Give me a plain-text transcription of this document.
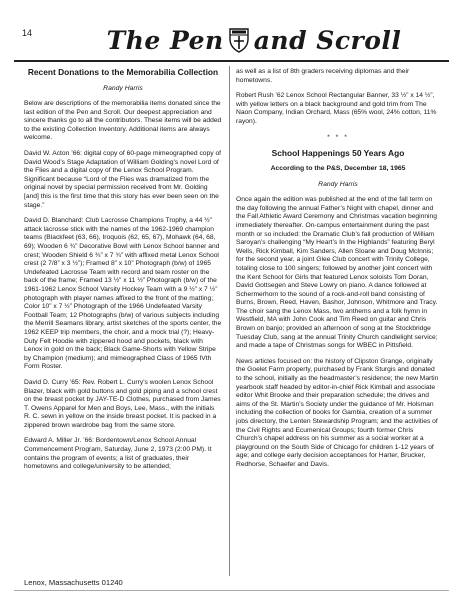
14	The Pen and Scroll

Recent Donations to the Memorabilia Collection

Randy Harris

Below are descriptions of the memorabilia items donated since the last edition of the Pen and Scroll. Our deepest appreciation and sincere thanks go to all the contributors. These items will be added to the existing Collection Inventory. Additional items are always welcome.

David W. Acton ’66: digital copy of 60-page mimeographed copy of David Wood’s Stage Adaptation of William Golding’s novel Lord of the Flies and a digital copy of the Lenox School Program. Significant because “Lord of the Flies was dramatized from the original novel by special permission received from Mr. Golding [and] this is the first time that this story has ever been seen on the stage.”

David D. Blanchard: Club Lacrosse Champions Trophy, a 44 ½” attack lacrosse stick with the names of the 1962-1969 champion teams (Blackfeet (63, 66), Iroquois (62, 65, 67), Mohawk (64, 68, 69); Wooden 6 ¾” Decorative Bowl with Lenox School banner and crest; Wooden Shield 6 ¾” x 7 ¾” with affixed metal Lenox School crest (2 7/8” x 3 ½”); Framed 8” x 10” Photograph (b/w) of 1965 Undefeated Lacrosse Team with record and team roster on the back of the frame; Framed 13 ½” x 11 ½” Photograph (b/w) of the 1961-1962 Lenox School Varsity Hockey Team with a 9 ½” x 7 ½” photograph with player names affixed to the front of the matting; Color 10” x 7 ½” Photograph of the 1966 Undefeated Varsity Football Team; 12 Photographs (b/w) of various subjects including the Merrill Seamans library, artist sketches of the sports center, the 1962 KEEP trip members, the choir, and a mock trial (?); Heavy-Duty Felt Hoodie with zippered hood and pockets, black with Lenox in gold on the back; Black Game-Shorts with Yellow Stripe by Champion (medium); and mimeographed Class of 1965 IVth Form Roster.

David D. Curry ’65: Rev. Robert L. Curry’s woolen Lenox School Blazer, black with gold buttons and gold piping and a school crest on the breast pocket by JAY-TE-D Clothes, purchased from James T. Owens Apparel for Men and Boys, Lee, Mass., with the initials R. C. sewn in yellow on the inside breast pocket. It is packed in a zippered brown wardrobe bag from the same store.

Edward A. Miller Jr. ’66: Bordentown/Lenox School Annual Commencement Program, Saturday, June 2, 1973 (2:00 PM). It contains the program of events; a list of graduates, their hometowns and college/university to be attended;

as well as a list of 8th graders receiving diplomas and their hometowns.

Robert Rush ’62 Lenox School Rectangular Banner, 33 ½” x 14 ½”, with yellow letters on a black background and gold trim from The Naon Company, Indian Orchard, Mass (65% wool, 24% cotton, 11% rayon).

* * *

School Happenings 50 Years Ago

According to the P&S, December 18, 1965

Randy Harris

Once again the edition was published at the end of the fall term on the day following the annual Father’s Night with chapel, dinner and the Fall Athletic Award Ceremony and Christmas vacation beginning immediately thereafter. On-campus entertainment during the past month or so included: the Dramatic Club’s fall production of William Saroyan’s challenging “My Heart’s In the Highlands” featuring Beryl Wells, Rick Kimball, Kim Sanders, Allen Sloane and Doug McInnis; for the second year, a joint Glee Club concert with Trinity College, totaling close to 100 singers; followed by another joint concert with the Kent School for Girls that featured Lenox soloists Tom Doran, David Gottsegen and Steve Lowry on piano. A dance followed at Schermerhorn to the sound of a rock-and-roll band consisting of Burns, Brown, Reed, Haven, Bashor, Johnson, Whitmore and Tracy. The choir sang the Lenox Mass, two anthems and a folk hymn in Westfield, MA with John Cook and Tim Reed on guitar and Chris Brown on banjo; provided an afternoon of song at the Stockbridge Tuesday Club, sang at the annual Trinity Church candlelight service; and made a tape of Christmas songs for WBEC in Pittsfield.

News articles focused on: the history of Clipston Grange, originally the Goelet Farm property, purchased by Frank Sturgis and donated to the school, initially as the headmaster’s residence; the new Martin yearbook staff headed by editor-in-chief Rick Kimball and associate editor Whit Brooke and their preparation schedule; the drives and aims of the St. Martin’s Society under the guidance of Mr. Holsman including the collection of books for Gambia, creation of a summer jobs directory, the Lenten Stewardship Program; and the activities of the Civil Rights and Ecumenical Groups; fourth former Chris Church’s chapel address on his summer as a social worker at a playground on the South Side of Chicago for children 1-12 years of age; and college early decision acceptances for Harter, Brucker, Redhorse, Schaefer and Davis.

Lenox, Massachusetts 01240
